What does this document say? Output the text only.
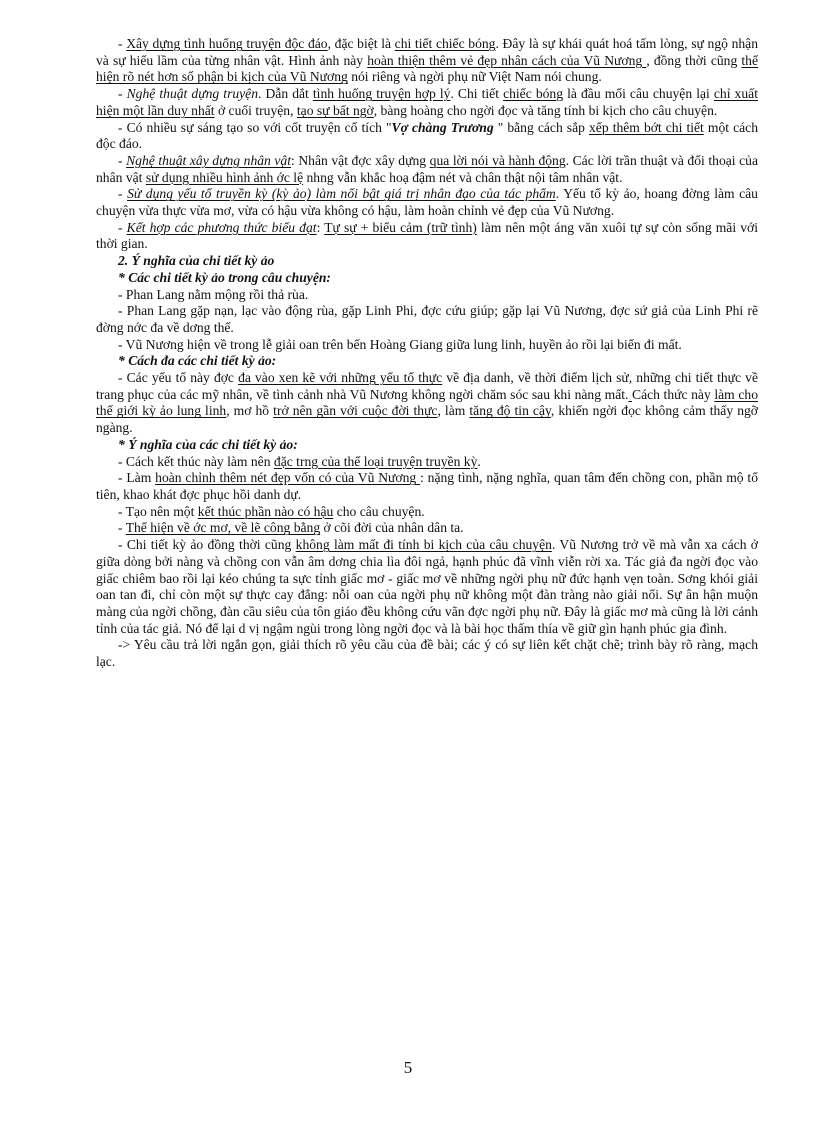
- Xây dựng tình huống truyện độc đáo, đặc biệt là chi tiết chiếc bóng. Đây là sự khái quát hoá tấm lòng, sự ngộ nhận và sự hiểu lầm của từng nhân vật. Hình ảnh này hoàn thiện thêm vẻ đẹp nhân cách của Vũ Nương , đồng thời cũng thể hiện rõ nét hơn số phận bi kịch của Vũ Nương nói riêng và ngời phụ nữ Việt Nam nói chung.

- Nghệ thuật dựng truyện. Dẫn dắt tình huống truyện hợp lý. Chi tiết chiếc bóng là đầu mối câu chuyện lại chỉ xuất hiện một lần duy nhất ở cuối truyện, tạo sự bất ngờ, bàng hoàng cho ngời đọc và tăng tính bi kịch cho câu chuyện.

- Có nhiều sự sáng tạo so với cốt truyện cổ tích "Vợ chàng Trương " bằng cách sắp xếp thêm bớt chi tiết một cách độc đáo.

- Nghệ thuật xây dựng nhân vật: Nhân vật đợc xây dựng qua lời nói và hành động. Các lời trần thuật và đối thoại của nhân vật sử dụng nhiều hình ảnh ớc lệ nhng vẫn khắc hoạ đậm nét và chân thật nội tâm nhân vật.

- Sử dụng yếu tố truyền kỳ (kỳ ảo) làm nổi bật giá trị nhân đạo của tác phẩm. Yếu tố kỳ ảo, hoang đờng làm câu chuyện vừa thực vừa mơ, vừa có hậu vừa không có hậu, làm hoàn chỉnh vẻ đẹp của Vũ Nương.

- Kết hợp các phương thức biểu đạt: Tự sự + biểu cảm (trữ tình) làm nên một áng văn xuôi tự sự còn sống mãi với thời gian.

2. Ý nghĩa của chi tiết kỳ ảo

* Các chi tiết kỳ ảo trong câu chuyện:

- Phan Lang nằm mộng rồi thả rùa.

- Phan Lang gặp nạn, lạc vào động rùa, gặp Linh Phi, đợc cứu giúp; gặp lại Vũ Nương, đợc sứ giả của Linh Phi rẽ đờng nớc đa về dơng thế.

- Vũ Nương hiện về trong lễ giải oan trên bến Hoàng Giang giữa lung linh, huyền ảo rồi lại biến đi mất.

* Cách đa các chi tiết kỳ ảo:

- Các yếu tố này đợc đa vào xen kẽ với những yếu tố thực về địa danh, về thời điểm lịch sử, những chi tiết thực về trang phục của các mỹ nhân, về tình cảnh nhà Vũ Nương không ngời chăm sóc sau khi nàng mất. Cách thức này làm cho thế giới kỳ ảo lung linh, mơ hồ trở nên gần với cuộc đời thực, làm tăng độ tin cậy, khiến ngời đọc không cảm thấy ngỡ ngàng.

* Ý nghĩa của các chi tiết kỳ ảo:

- Cách kết thúc này làm nên đặc trng của thể loại truyện truyền kỳ.

- Làm hoàn chỉnh thêm nét đẹp vốn có của Vũ Nương : nặng tình, nặng nghĩa, quan tâm đến chồng con, phần mộ tổ tiên, khao khát đợc phục hồi danh dự.

- Tạo nên một kết thúc phần nào có hậu cho câu chuyện.

- Thể hiện về ớc mơ, về lẽ công bằng ở cõi đời của nhân dân ta.

- Chi tiết kỳ ảo đồng thời cũng không làm mất đi tính bi kịch của câu chuyện. Vũ Nương trở về mà vẫn xa cách ở giữa dòng bởi nàng và chồng con vẫn âm dơng chia lìa đôi ngả, hạnh phúc đã vĩnh viễn rời xa. Tác giả đa ngời đọc vào giấc chiêm bao rồi lại kéo chúng ta sực tỉnh giấc mơ - giấc mơ về những ngời phụ nữ đức hạnh vẹn toàn. Sơng khói giải oan tan đi, chỉ còn một sự thực cay đắng: nỗi oan của ngời phụ nữ không một đàn tràng nào giải nổi. Sự ân hận muộn màng của ngời chồng, đàn cầu siêu của tôn giáo đều không cứu vãn đợc ngời phụ nữ. Đây là giấc mơ mà cũng là lời cảnh tỉnh của tác giả. Nó để lại d vị ngậm ngùi trong lòng ngời đọc và là bài học thấm thía về giữ gìn hạnh phúc gia đình.

-> Yêu cầu trả lời ngắn gọn, giải thích rõ yêu cầu của đề bài; các ý có sự liên kết chặt chẽ; trình bày rõ ràng, mạch lạc.

5
